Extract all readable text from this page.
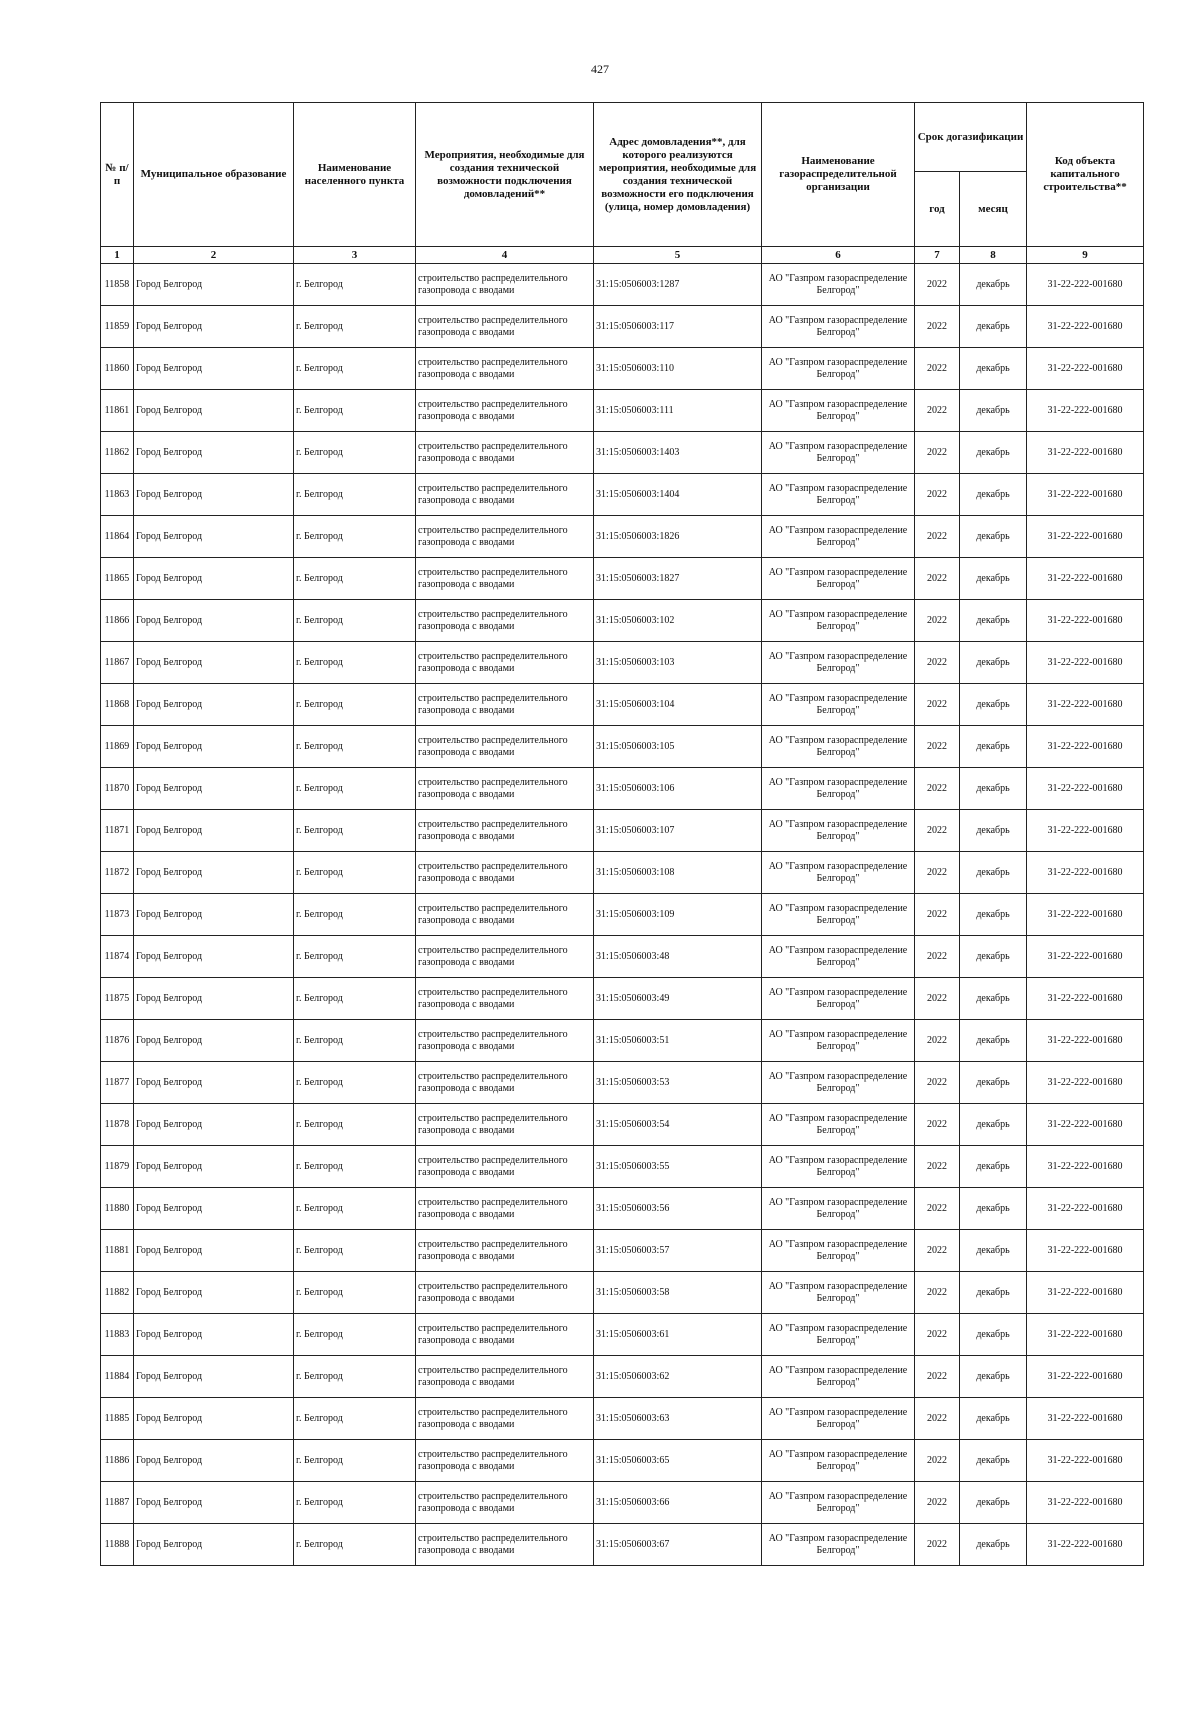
427
№ п/п	Муниципальное образование	Наименование населенного пункта	Мероприятия, необходимые для создания технической возможности подключения домовладений**	Адрес домовладения**, для которого реализуются мероприятия, необходимые для создания технической возможности его подключения (улица, номер домовладения)	Наименование газораспределительной организации	Срок догазификации		Код объекта капитального строительства**
						год	месяц	
1	2	3	4	5	6	7	8	9
11858	Город Белгород	г. Белгород	строительство распределительного газопровода с вводами	31:15:0506003:1287	АО "Газпром газораспределение Белгород"	2022	декабрь	31-22-222-001680
11859	Город Белгород	г. Белгород	строительство распределительного газопровода с вводами	31:15:0506003:117	АО "Газпром газораспределение Белгород"	2022	декабрь	31-22-222-001680
11860	Город Белгород	г. Белгород	строительство распределительного газопровода с вводами	31:15:0506003:110	АО "Газпром газораспределение Белгород"	2022	декабрь	31-22-222-001680
11861	Город Белгород	г. Белгород	строительство распределительного газопровода с вводами	31:15:0506003:111	АО "Газпром газораспределение Белгород"	2022	декабрь	31-22-222-001680
11862	Город Белгород	г. Белгород	строительство распределительного газопровода с вводами	31:15:0506003:1403	АО "Газпром газораспределение Белгород"	2022	декабрь	31-22-222-001680
11863	Город Белгород	г. Белгород	строительство распределительного газопровода с вводами	31:15:0506003:1404	АО "Газпром газораспределение Белгород"	2022	декабрь	31-22-222-001680
11864	Город Белгород	г. Белгород	строительство распределительного газопровода с вводами	31:15:0506003:1826	АО "Газпром газораспределение Белгород"	2022	декабрь	31-22-222-001680
11865	Город Белгород	г. Белгород	строительство распределительного газопровода с вводами	31:15:0506003:1827	АО "Газпром газораспределение Белгород"	2022	декабрь	31-22-222-001680
11866	Город Белгород	г. Белгород	строительство распределительного газопровода с вводами	31:15:0506003:102	АО "Газпром газораспределение Белгород"	2022	декабрь	31-22-222-001680
11867	Город Белгород	г. Белгород	строительство распределительного газопровода с вводами	31:15:0506003:103	АО "Газпром газораспределение Белгород"	2022	декабрь	31-22-222-001680
11868	Город Белгород	г. Белгород	строительство распределительного газопровода с вводами	31:15:0506003:104	АО "Газпром газораспределение Белгород"	2022	декабрь	31-22-222-001680
11869	Город Белгород	г. Белгород	строительство распределительного газопровода с вводами	31:15:0506003:105	АО "Газпром газораспределение Белгород"	2022	декабрь	31-22-222-001680
11870	Город Белгород	г. Белгород	строительство распределительного газопровода с вводами	31:15:0506003:106	АО "Газпром газораспределение Белгород"	2022	декабрь	31-22-222-001680
11871	Город Белгород	г. Белгород	строительство распределительного газопровода с вводами	31:15:0506003:107	АО "Газпром газораспределение Белгород"	2022	декабрь	31-22-222-001680
11872	Город Белгород	г. Белгород	строительство распределительного газопровода с вводами	31:15:0506003:108	АО "Газпром газораспределение Белгород"	2022	декабрь	31-22-222-001680
11873	Город Белгород	г. Белгород	строительство распределительного газопровода с вводами	31:15:0506003:109	АО "Газпром газораспределение Белгород"	2022	декабрь	31-22-222-001680
11874	Город Белгород	г. Белгород	строительство распределительного газопровода с вводами	31:15:0506003:48	АО "Газпром газораспределение Белгород"	2022	декабрь	31-22-222-001680
11875	Город Белгород	г. Белгород	строительство распределительного газопровода с вводами	31:15:0506003:49	АО "Газпром газораспределение Белгород"	2022	декабрь	31-22-222-001680
11876	Город Белгород	г. Белгород	строительство распределительного газопровода с вводами	31:15:0506003:51	АО "Газпром газораспределение Белгород"	2022	декабрь	31-22-222-001680
11877	Город Белгород	г. Белгород	строительство распределительного газопровода с вводами	31:15:0506003:53	АО "Газпром газораспределение Белгород"	2022	декабрь	31-22-222-001680
11878	Город Белгород	г. Белгород	строительство распределительного газопровода с вводами	31:15:0506003:54	АО "Газпром газораспределение Белгород"	2022	декабрь	31-22-222-001680
11879	Город Белгород	г. Белгород	строительство распределительного газопровода с вводами	31:15:0506003:55	АО "Газпром газораспределение Белгород"	2022	декабрь	31-22-222-001680
11880	Город Белгород	г. Белгород	строительство распределительного газопровода с вводами	31:15:0506003:56	АО "Газпром газораспределение Белгород"	2022	декабрь	31-22-222-001680
11881	Город Белгород	г. Белгород	строительство распределительного газопровода с вводами	31:15:0506003:57	АО "Газпром газораспределение Белгород"	2022	декабрь	31-22-222-001680
11882	Город Белгород	г. Белгород	строительство распределительного газопровода с вводами	31:15:0506003:58	АО "Газпром газораспределение Белгород"	2022	декабрь	31-22-222-001680
11883	Город Белгород	г. Белгород	строительство распределительного газопровода с вводами	31:15:0506003:61	АО "Газпром газораспределение Белгород"	2022	декабрь	31-22-222-001680
11884	Город Белгород	г. Белгород	строительство распределительного газопровода с вводами	31:15:0506003:62	АО "Газпром газораспределение Белгород"	2022	декабрь	31-22-222-001680
11885	Город Белгород	г. Белгород	строительство распределительного газопровода с вводами	31:15:0506003:63	АО "Газпром газораспределение Белгород"	2022	декабрь	31-22-222-001680
11886	Город Белгород	г. Белгород	строительство распределительного газопровода с вводами	31:15:0506003:65	АО "Газпром газораспределение Белгород"	2022	декабрь	31-22-222-001680
11887	Город Белгород	г. Белгород	строительство распределительного газопровода с вводами	31:15:0506003:66	АО "Газпром газораспределение Белгород"	2022	декабрь	31-22-222-001680
11888	Город Белгород	г. Белгород	строительство распределительного газопровода с вводами	31:15:0506003:67	АО "Газпром газораспределение Белгород"	2022	декабрь	31-22-222-001680
